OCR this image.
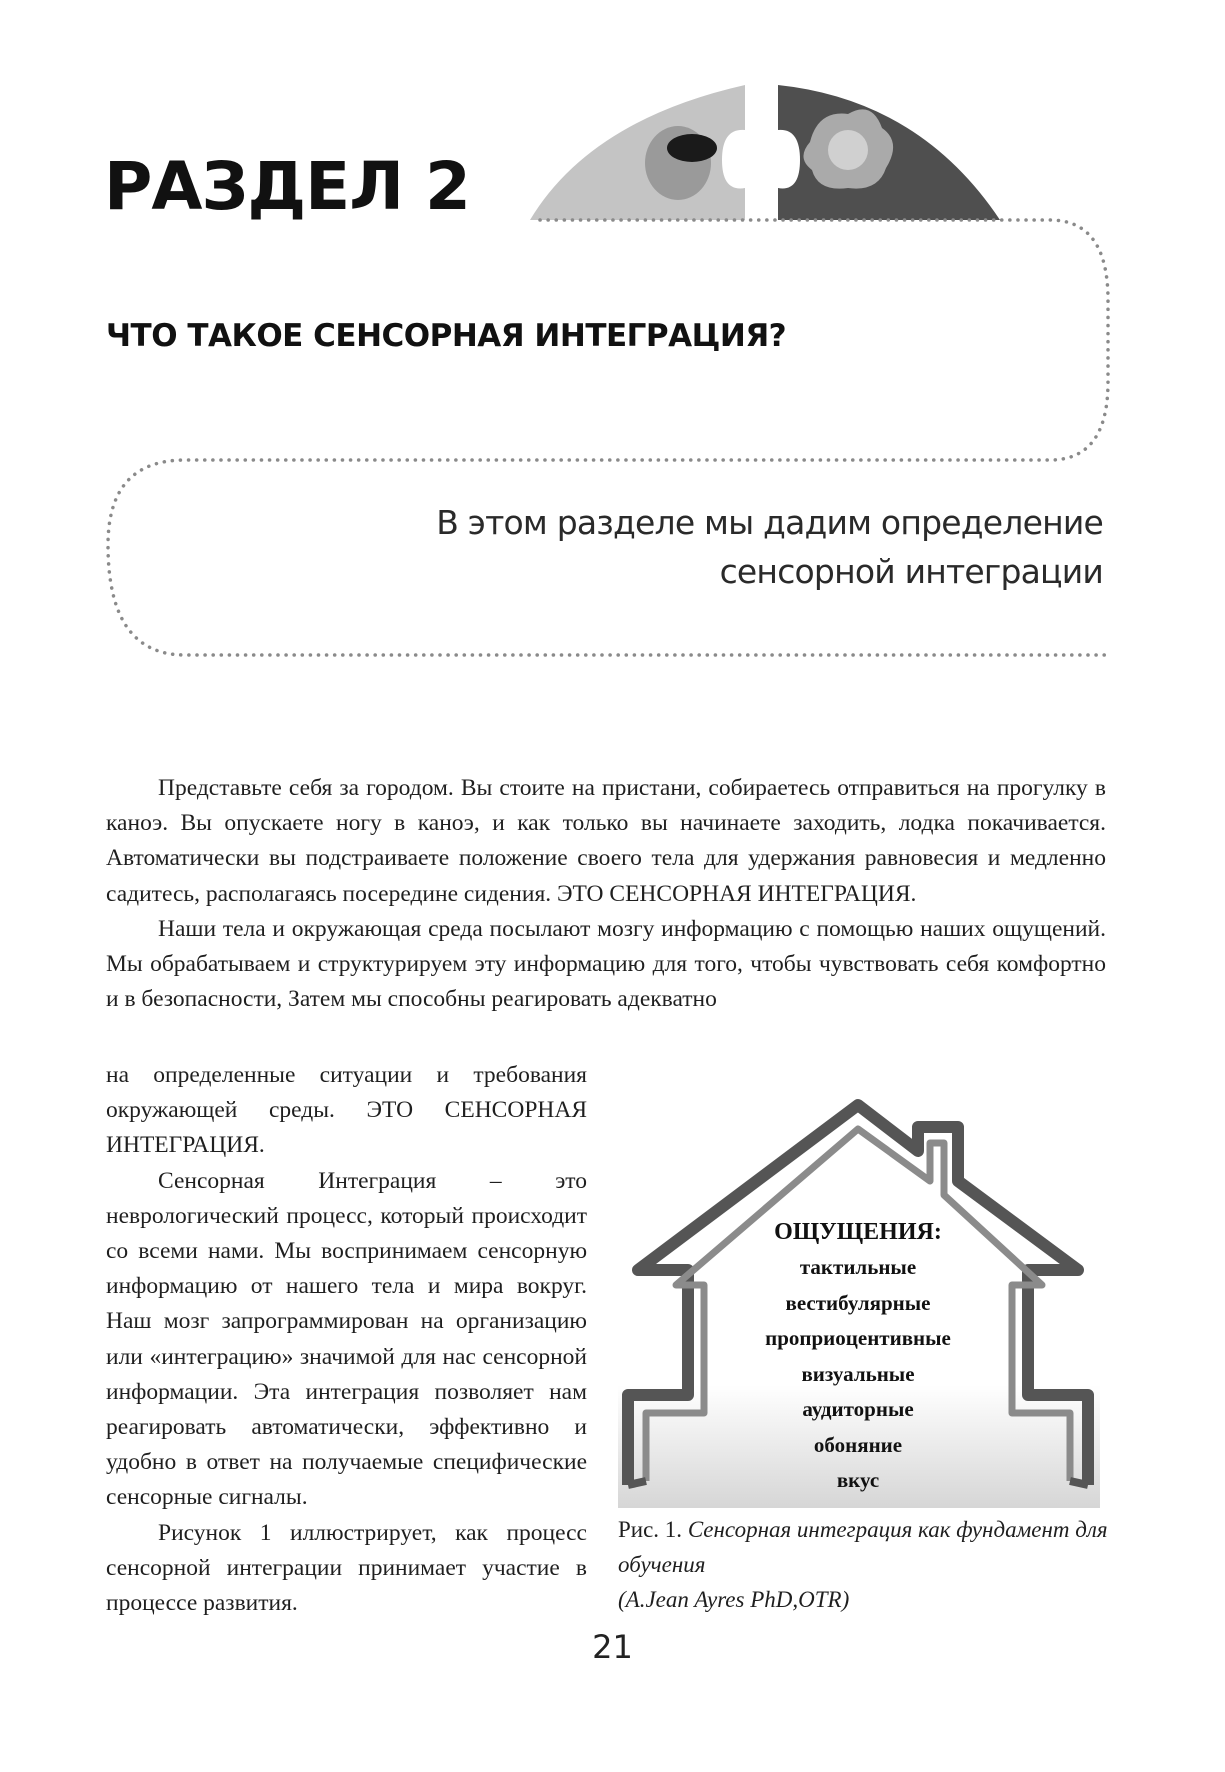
РАЗДЕЛ 2
ЧТО ТАКОЕ СЕНСОРНАЯ ИНТЕГРАЦИЯ?
В этом разделе мы дадим определение
сенсорной интеграции

Представьте себя за городом. Вы стоите на пристани, собираетесь отправиться на прогулку в каноэ. Вы опускаете ногу в каноэ, и как только вы начинаете заходить, лодка покачивается. Автоматически вы подстраиваете положение своего тела для удержания равновесия и медленно садитесь, располагаясь посередине сидения. ЭТО СЕНСОРНАЯ ИНТЕГРАЦИЯ.

Наши тела и окружающая среда посылают мозгу информацию с помощью наших ощущений. Мы обрабатываем и структурируем эту информацию для того, чтобы чувствовать себя комфортно и в безопасности, Затем мы способны реагировать адекватно

на определенные ситуации и требования окружающей среды. ЭТО СЕНСОРНАЯ ИНТЕГРАЦИЯ.

Сенсорная Интеграция – это неврологический процесс, который происходит со всеми нами. Мы воспринимаем сенсорную информацию от нашего тела и мира вокруг. Наш мозг запрограммирован на организацию или «интеграцию» значимой для нас сенсорной информации. Эта интеграция позволяет нам реагировать автоматически, эффективно и удобно в ответ на получаемые специфические сенсорные сигналы.

Рисунок 1 иллюстрирует, как процесс сенсорной интеграции принимает участие в процессе развития.

ОЩУЩЕНИЯ:
тактильные
вестибулярные
проприоцентивные
визуальные
аудиторные
обоняние
вкус
Рис. 1. Сенсорная интеграция как фундамент для обучения
(A.Jean Ayres PhD,OTR)
21
